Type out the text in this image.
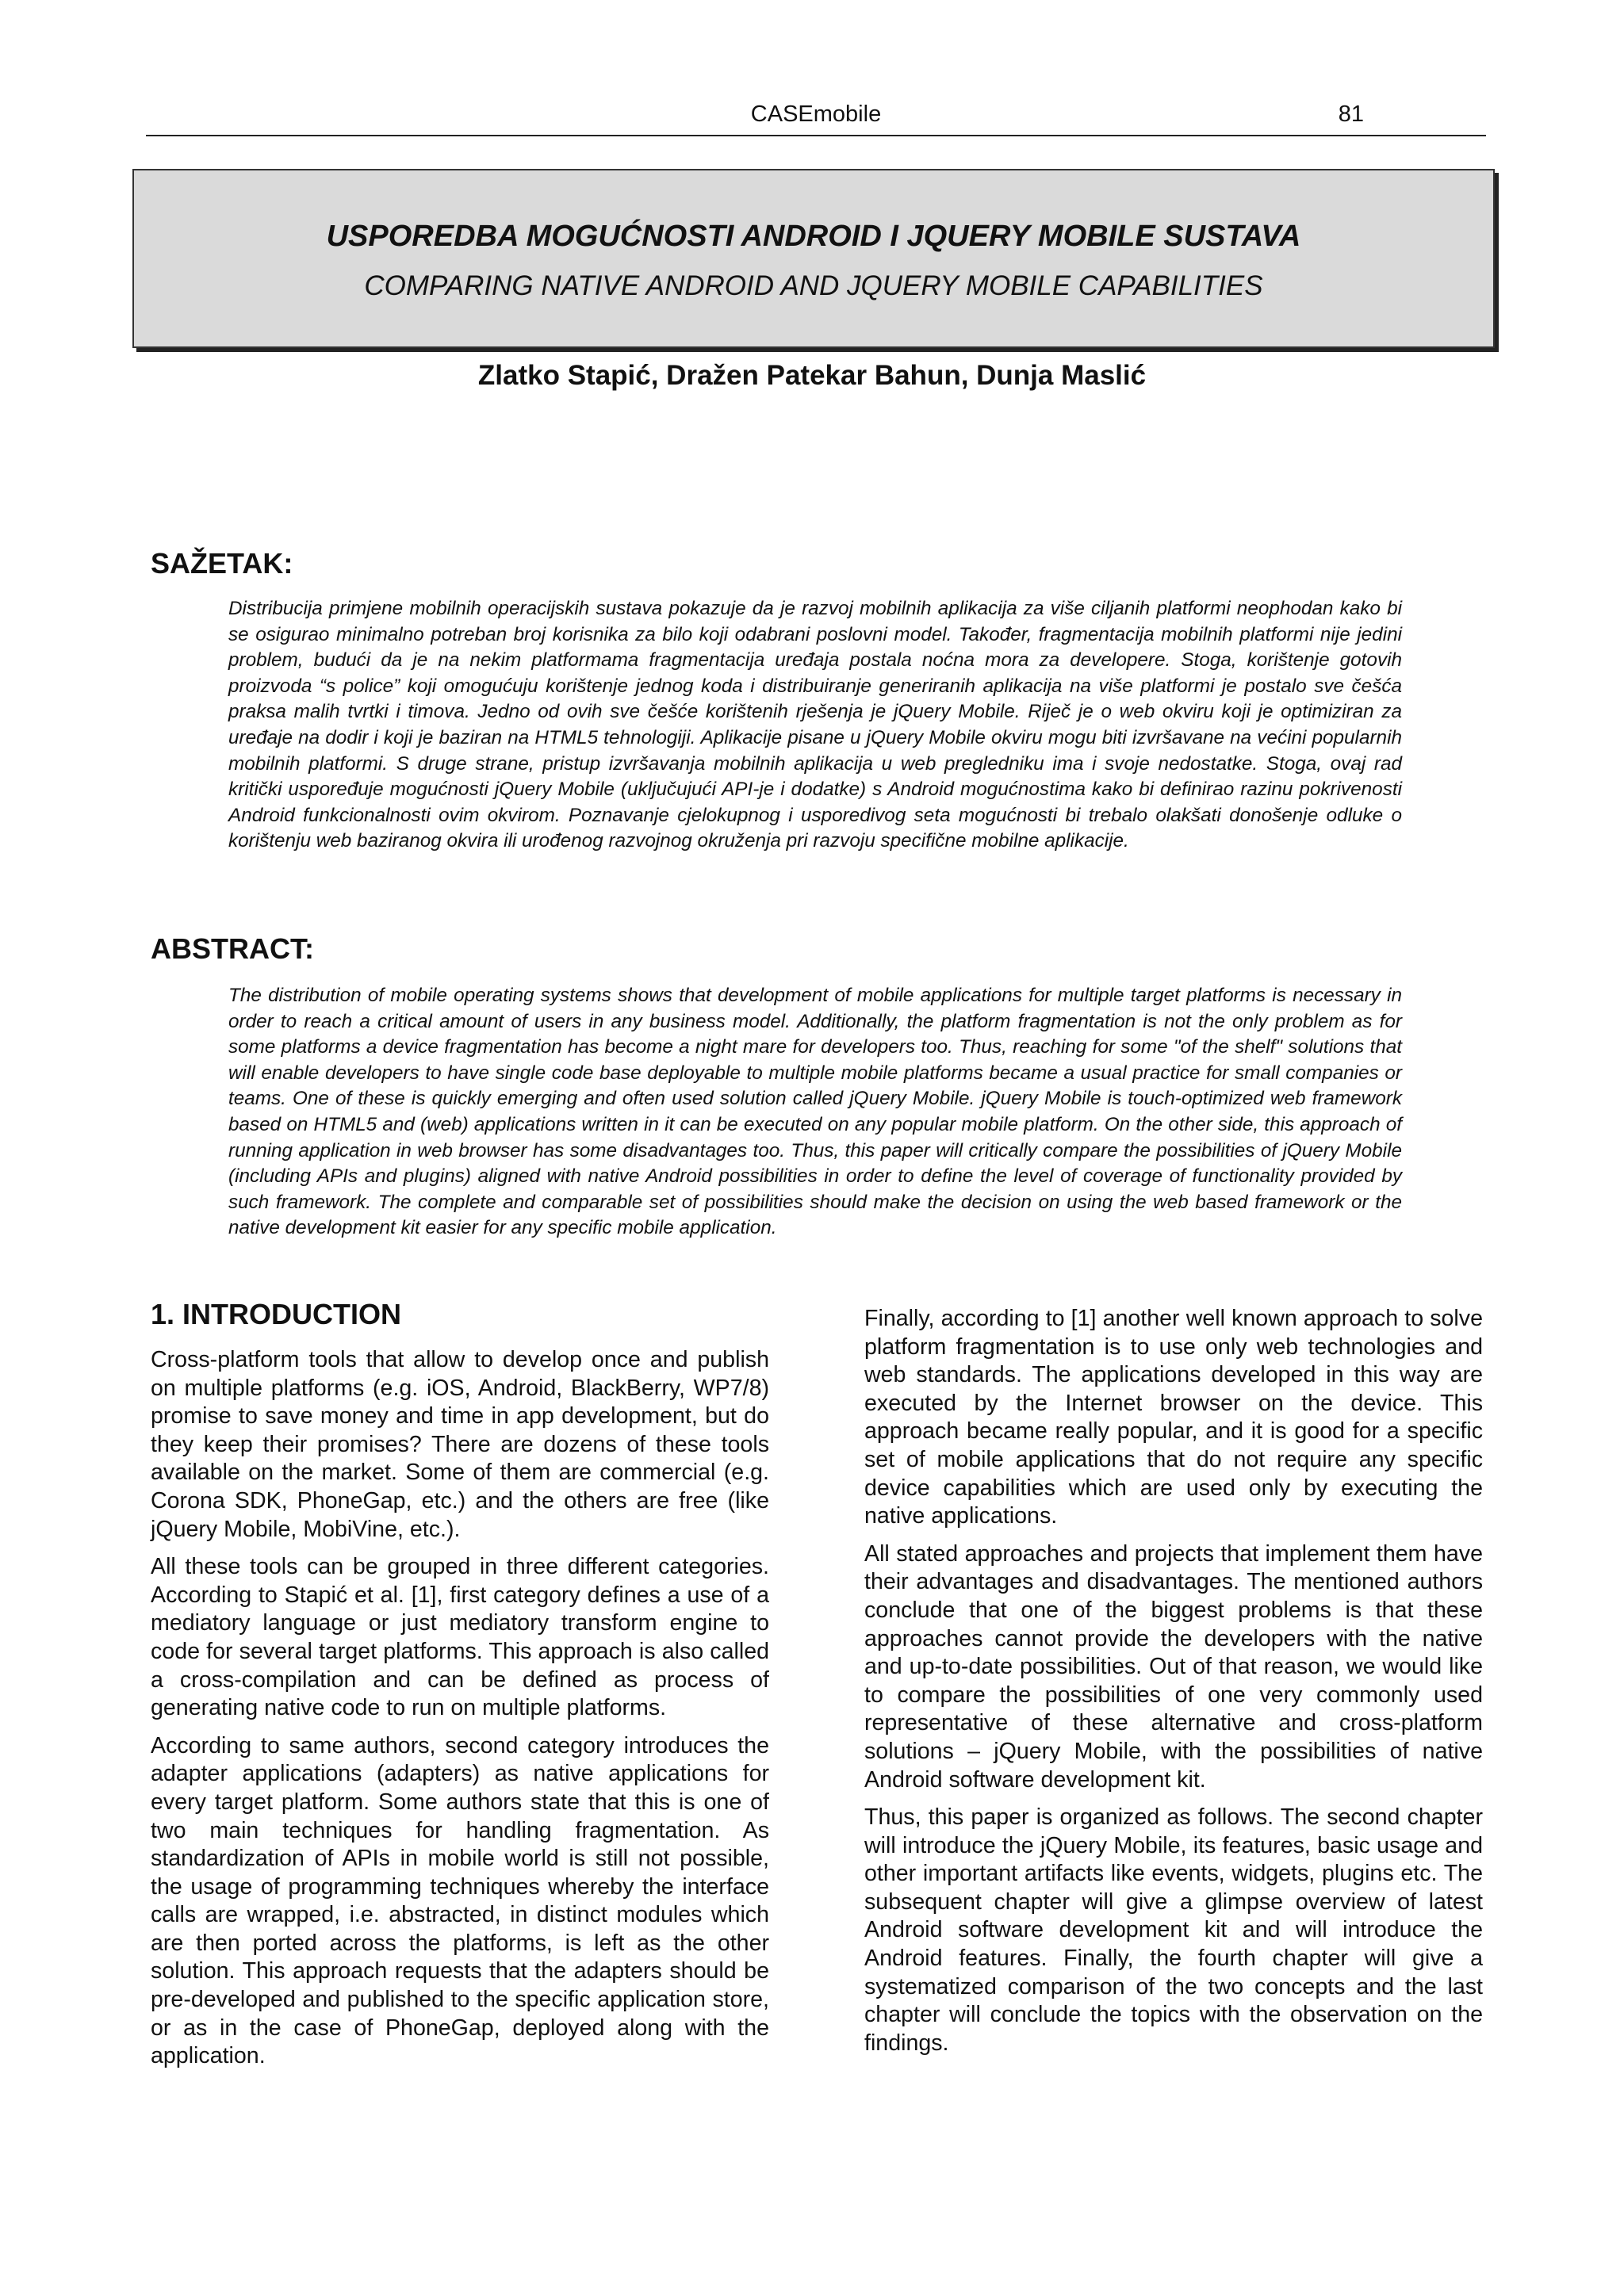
CASEmobile	81
USPOREDBA MOGUĆNOSTI ANDROID I JQUERY MOBILE SUSTAVA
COMPARING NATIVE ANDROID AND JQUERY MOBILE CAPABILITIES
Zlatko Stapić, Dražen Patekar Bahun, Dunja Maslić
SAŽETAK:

Distribucija primjene mobilnih operacijskih sustava pokazuje da je razvoj mobilnih aplikacija za više ciljanih platformi neophodan kako bi se osigurao minimalno potreban broj korisnika za bilo koji odabrani poslovni model. Također, fragmentacija mobilnih platformi nije jedini problem, budući da je na nekim platformama fragmentacija uređaja postala noćna mora za developere. Stoga, korištenje gotovih proizvoda “s police” koji omogućuju korištenje jednog koda i distribuiranje generiranih aplikacija na više platformi je postalo sve češća praksa malih tvrtki i timova. Jedno od ovih sve češće korištenih rješenja je jQuery Mobile. Riječ je o web okviru koji je optimiziran za uređaje na dodir i koji je baziran na HTML5 tehnologiji. Aplikacije pisane u jQuery Mobile okviru mogu biti izvršavane na većini popularnih mobilnih platformi. S druge strane, pristup izvršavanja mobilnih aplikacija u web pregledniku ima i svoje nedostatke. Stoga, ovaj rad kritički uspoređuje mogućnosti jQuery Mobile (uključujući API-je i dodatke) s Android mogućnostima kako bi definirao razinu pokrivenosti Android funkcionalnosti ovim okvirom. Poznavanje cjelokupnog i usporedivog seta mogućnosti bi trebalo olakšati donošenje odluke o korištenju web baziranog okvira ili urođenog razvojnog okruženja pri razvoju specifične mobilne aplikacije.

ABSTRACT:

The distribution of mobile operating systems shows that development of mobile applications for multiple target platforms is necessary in order to reach a critical amount of users in any business model. Additionally, the platform fragmentation is not the only problem as for some platforms a device fragmentation has become a night mare for developers too. Thus, reaching for some "of the shelf" solutions that will enable developers to have single code base deployable to multiple mobile platforms became a usual practice for small companies or teams. One of these is quickly emerging and often used solution called jQuery Mobile. jQuery Mobile is touch-optimized web framework based on HTML5 and (web) applications written in it can be executed on any popular mobile platform. On the other side, this approach of running application in web browser has some disadvantages too. Thus, this paper will critically compare the possibilities of jQuery Mobile (including APIs and plugins) aligned with native Android possibilities in order to define the level of coverage of functionality provided by such framework. The complete and comparable set of possibilities should make the decision on using the web based framework or the native development kit easier for any specific mobile application.

1. INTRODUCTION

Cross-platform tools that allow to develop once and publish on multiple platforms (e.g. iOS, Android, BlackBerry, WP7/8) promise to save money and time in app development, but do they keep their promises? There are dozens of these tools available on the market. Some of them are commercial (e.g. Corona SDK, PhoneGap, etc.) and the others are free (like jQuery Mobile, MobiVine, etc.).

All these tools can be grouped in three different categories. According to Stapić et al. [1], first category defines a use of a mediatory language or just mediatory transform engine to code for several target platforms. This approach is also called a cross-compilation and can be defined as process of generating native code to run on multiple platforms.

According to same authors, second category introduces the adapter applications (adapters) as native applications for every target platform. Some authors state that this is one of two main techniques for handling fragmentation. As standardization of APIs in mobile world is still not possible, the usage of programming techniques whereby the interface calls are wrapped, i.e. abstracted, in distinct modules which are then ported across the platforms, is left as the other solution. This approach requests that the adapters should be pre-developed and published to the specific application store, or as in the case of PhoneGap, deployed along with the application.

Finally, according to [1] another well known approach to solve platform fragmentation is to use only web technologies and web standards. The applications developed in this way are executed by the Internet browser on the device. This approach became really popular, and it is good for a specific set of mobile applications that do not require any specific device capabilities which are used only by executing the native applications.

All stated approaches and projects that implement them have their advantages and disadvantages. The mentioned authors conclude that one of the biggest problems is that these approaches cannot provide the developers with the native and up-to-date possibilities. Out of that reason, we would like to compare the possibilities of one very commonly used representative of these alternative and cross-platform solutions – jQuery Mobile, with the possibilities of native Android software development kit.

Thus, this paper is organized as follows. The second chapter will introduce the jQuery Mobile, its features, basic usage and other important artifacts like events, widgets, plugins etc. The subsequent chapter will give a glimpse overview of latest Android software development kit and will introduce the Android features. Finally, the fourth chapter will give a systematized comparison of the two concepts and the last chapter will conclude the topics with the observation on the findings.
